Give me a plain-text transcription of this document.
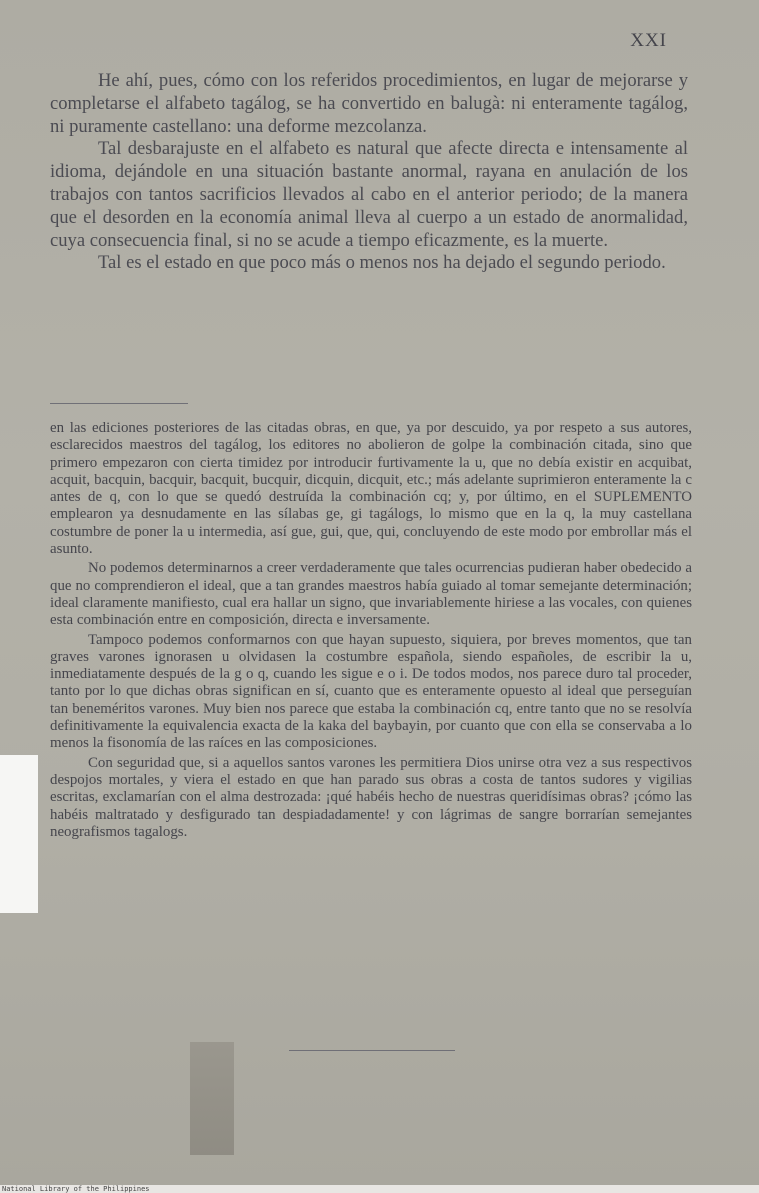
XXI

He ahí, pues, cómo con los referidos procedimientos, en lugar de mejorarse y completarse el alfabeto tagálog, se ha convertido en balugà: ni enteramente tagálog, ni puramente castellano: una deforme mezcolanza.

Tal desbarajuste en el alfabeto es natural que afecte directa e intensamente al idioma, dejándole en una situación bastante anormal, rayana en anulación de los trabajos con tantos sacrificios llevados al cabo en el anterior periodo; de la manera que el desorden en la economía animal lleva al cuerpo a un estado de anormalidad, cuya consecuencia final, si no se acude a tiempo eficazmente, es la muerte.

Tal es el estado en que poco más o menos nos ha dejado el segundo periodo.

en las ediciones posteriores de las citadas obras, en que, ya por descuido, ya por respeto a sus autores, esclarecidos maestros del tagálog, los editores no abolieron de golpe la combinación citada, sino que primero empezaron con cierta timidez por introducir furtivamente la u, que no debía existir en acquibat, acquit, bacquin, bacquir, bacquit, bucquir, dicquin, dicquit, etc.; más adelante suprimieron enteramente la c antes de q, con lo que se quedó destruída la combinación cq; y, por último, en el SUPLEMENTO emplearon ya desnudamente en las sílabas ge, gi tagálogs, lo mismo que en la q, la muy castellana costumbre de poner la u intermedia, así gue, gui, que, qui, concluyendo de este modo por embrollar más el asunto.

No podemos determinarnos a creer verdaderamente que tales ocurrencias pudieran haber obedecido a que no comprendieron el ideal, que a tan grandes maestros había guiado al tomar semejante determinación; ideal claramente manifiesto, cual era hallar un signo, que invariablemente hiriese a las vocales, con quienes esta combinación entre en composición, directa e inversamente.

Tampoco podemos conformarnos con que hayan supuesto, siquiera, por breves momentos, que tan graves varones ignorasen u olvidasen la costumbre española, siendo españoles, de escribir la u, inmediatamente después de la g o q, cuando les sigue e o i. De todos modos, nos parece duro tal proceder, tanto por lo que dichas obras significan en sí, cuanto que es enteramente opuesto al ideal que perseguían tan beneméritos varones. Muy bien nos parece que estaba la combinación cq, entre tanto que no se resolvía definitivamente la equivalencia exacta de la kaka del baybayin, por cuanto que con ella se conservaba a lo menos la fisonomía de las raíces en las composiciones.

Con seguridad que, si a aquellos santos varones les permitiera Dios unirse otra vez a sus respectivos despojos mortales, y viera el estado en que han parado sus obras a costa de tantos sudores y vigilias escritas, exclamarían con el alma destrozada: ¡qué habéis hecho de nuestras queridísimas obras? ¡cómo las habéis maltratado y desfigurado tan despiadadamente! y con lágrimas de sangre borrarían semejantes neografismos tagalogs.

National Library of the Philippines
